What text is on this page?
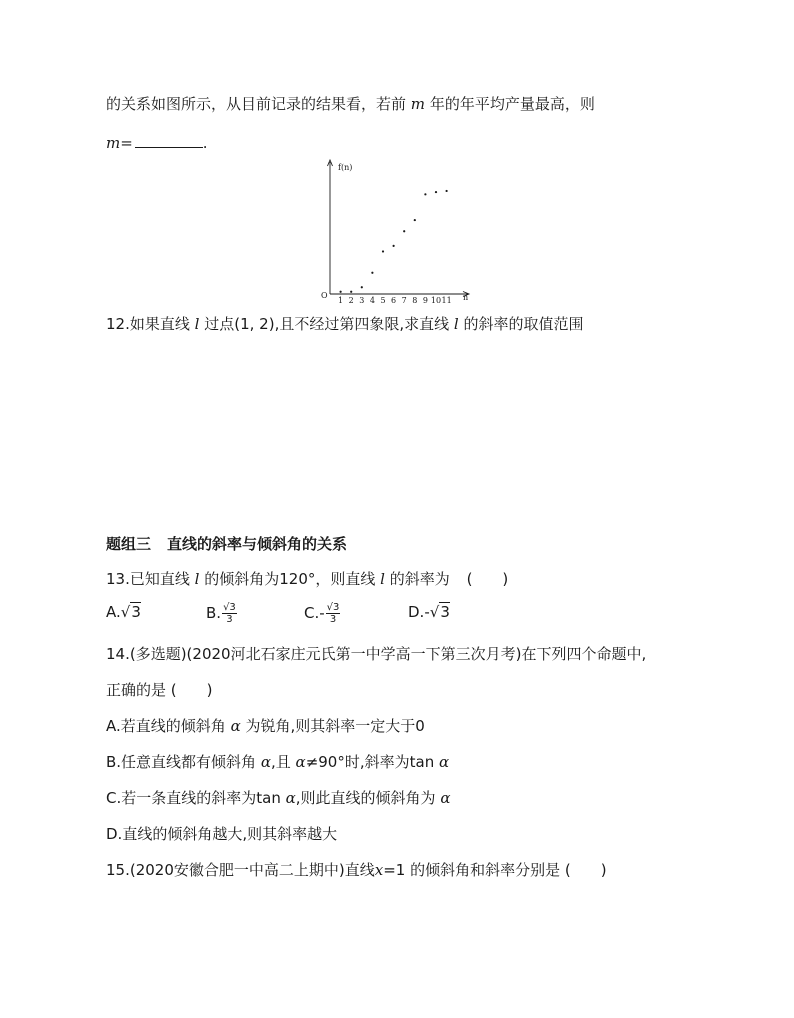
的关系如图所示，从目前记录的结果看，若前 m 年的年平均产量最高，则
m=	.
f(n)
n
O
1 2 3 4 5 6 7 8 9 10 11
12.如果直线 l 过点(1, 2),且不经过第四象限,求直线 l 的斜率的取值范围
题组三 直线的斜率与倾斜角的关系
13.已知直线 l 的倾斜角为120°，则直线 l 的斜率为 (　　)
A.√3	B. $\frac{√3}{3}$	$C.- \frac{√3}{3}$	D.-√3
14.(多选题)(2020河北石家庄元氏第一中学高一下第三次月考)在下列四个命题中,
正确的是 (　　)
A.若直线的倾斜角 α 为锐角,则其斜率一定大于0
B.任意直线都有倾斜角 α,且 α≠90°时,斜率为tan α
C.若一条直线的斜率为tan α,则此直线的倾斜角为 α
D.直线的倾斜角越大,则其斜率越大
15.(2020安徽合肥一中高二上期中)直线x=1 的倾斜角和斜率分别是 (　　)
